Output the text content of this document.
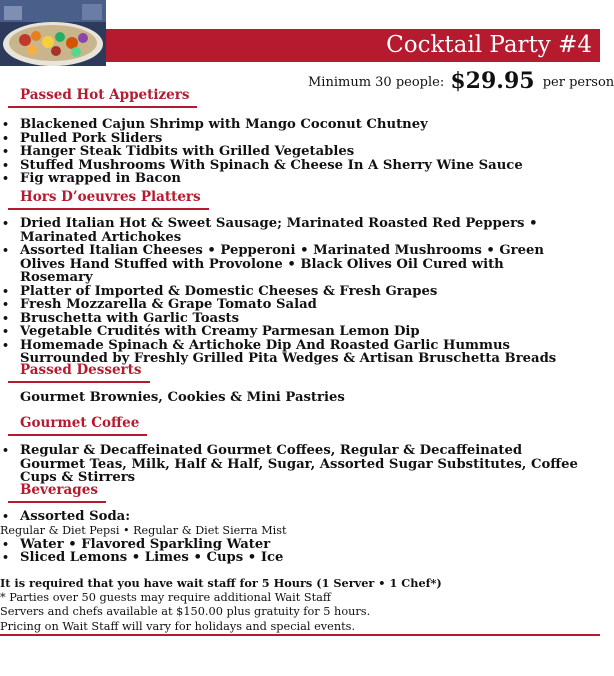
Cocktail Party #4
Minimum 30 people: $29.95 per person
Passed Hot Appetizers
• Blackened Cajun Shrimp with Mango Coconut Chutney
• Pulled Pork Sliders
• Hanger Steak Tidbits with Grilled Vegetables
• Stuffed Mushrooms With Spinach & Cheese In A Sherry Wine Sauce
• Fig wrapped in Bacon
Hors D’oeuvres Platters
• Dried Italian Hot & Sweet Sausage; Marinated Roasted Red Peppers • Marinated Artichokes
• Assorted Italian Cheeses • Pepperoni • Marinated Mushrooms • Green Olives Hand Stuffed with Provolone • Black Olives Oil Cured with Rosemary
• Platter of Imported & Domestic Cheeses & Fresh Grapes
• Fresh Mozzarella & Grape Tomato Salad
• Bruschetta with Garlic Toasts
• Vegetable Crudités with Creamy Parmesan Lemon Dip
• Homemade Spinach & Artichoke Dip And Roasted Garlic Hummus Surrounded by Freshly Grilled Pita Wedges & Artisan Bruschetta Breads
Passed Desserts
Gourmet Brownies, Cookies & Mini Pastries
Gourmet Coffee
• Regular & Decaffeinated Gourmet Coffees, Regular & Decaffeinated Gourmet Teas, Milk, Half & Half, Sugar, Assorted Sugar Substitutes, Coffee Cups & Stirrers
Beverages
• Assorted Soda:
Regular & Diet Pepsi • Regular & Diet Sierra Mist
• Water • Flavored Sparkling Water
• Sliced Lemons • Limes • Cups • Ice
It is required that you have wait staff for 5 Hours (1 Server • 1 Chef*)
* Parties over 50 guests may require additional Wait Staff
Servers and chefs available at $150.00 plus gratuity for 5 hours.
Pricing on Wait Staff will vary for holidays and special events.
